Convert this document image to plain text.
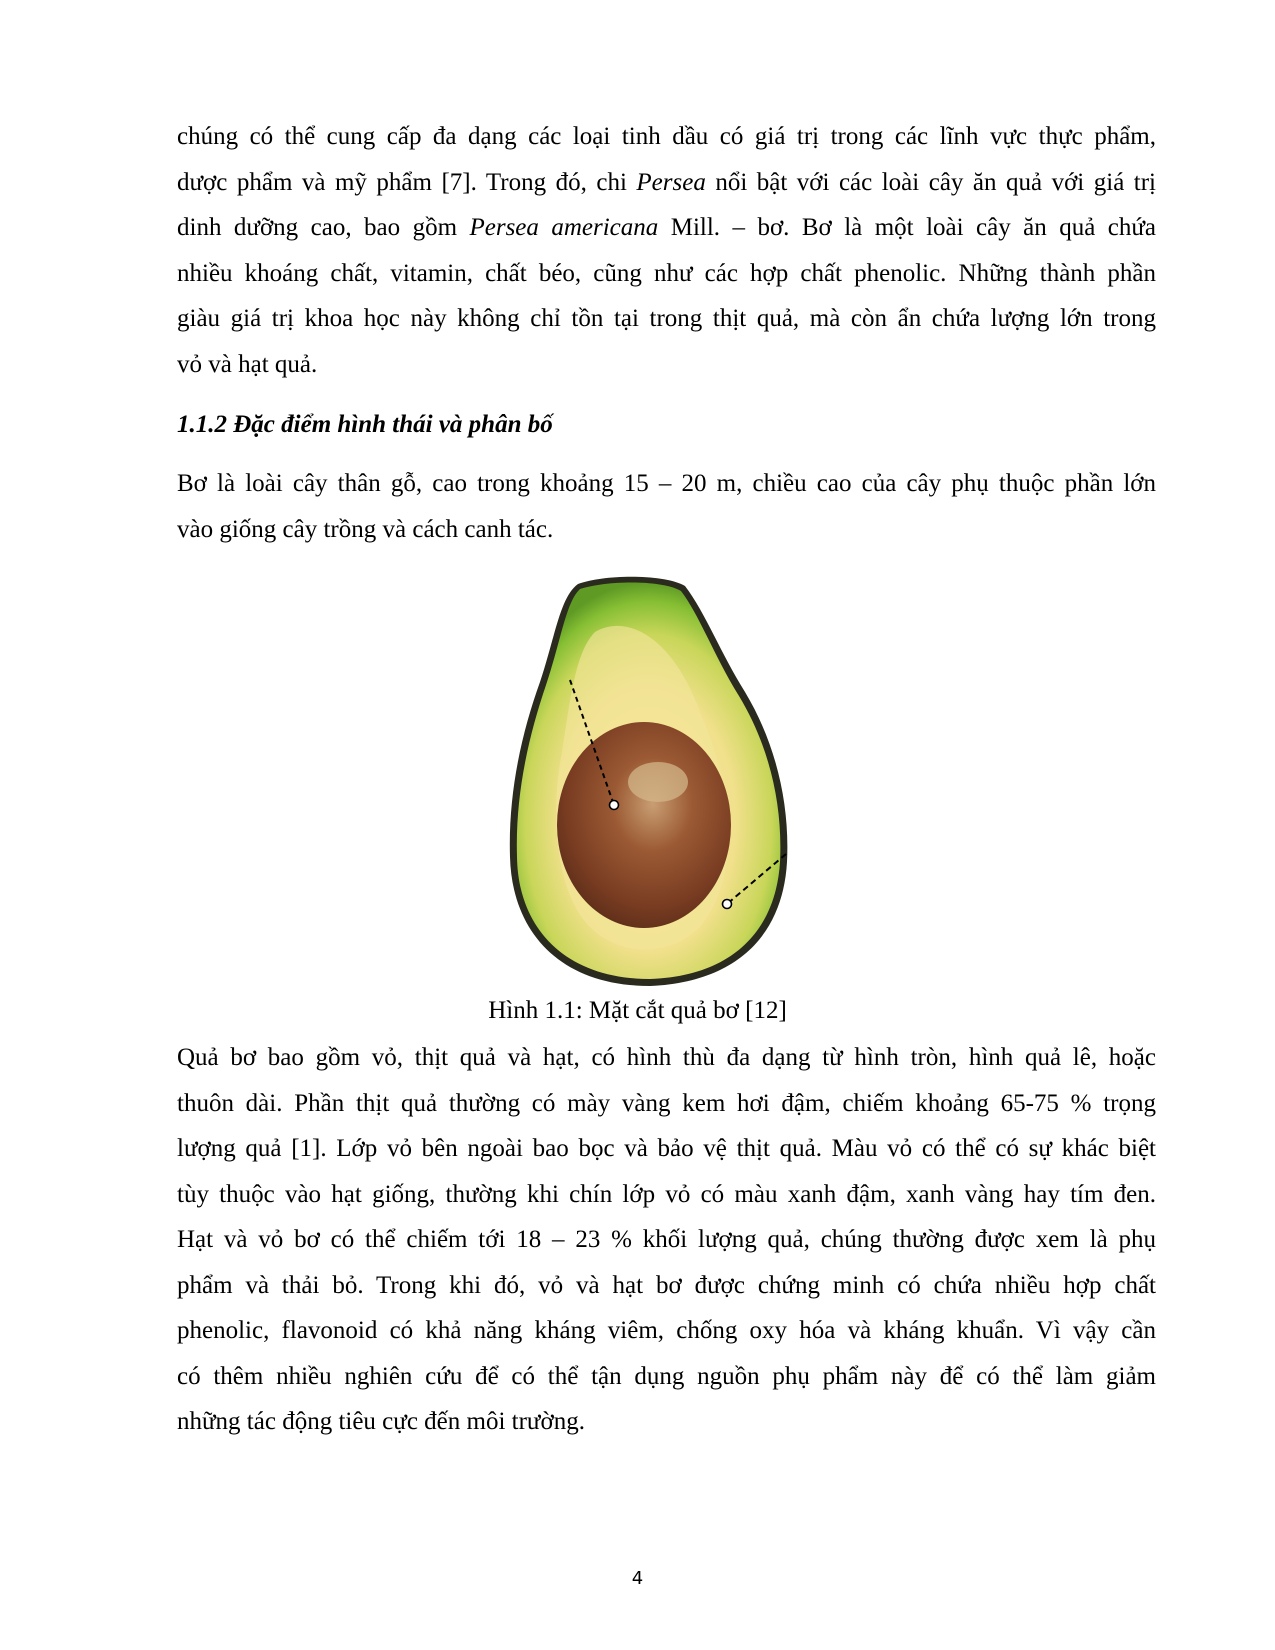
chúng có thể cung cấp đa dạng các loại tinh dầu có giá trị trong các lĩnh vực thực phẩm,
dược phẩm và mỹ phẩm [7]. Trong đó, chi Persea nổi bật với các loài cây ăn quả với giá trị
dinh dưỡng cao, bao gồm Persea americana Mill. – bơ. Bơ là một loài cây ăn quả chứa
nhiều khoáng chất, vitamin, chất béo, cũng như các hợp chất phenolic. Những thành phần
giàu giá trị khoa học này không chỉ tồn tại trong thịt quả, mà còn ẩn chứa lượng lớn trong
vỏ và hạt quả.

1.1.2 Đặc điểm hình thái và phân bố

Bơ là loài cây thân gỗ, cao trong khoảng 15 – 20 m, chiều cao của cây phụ thuộc phần lớn
vào giống cây trồng và cách canh tác.

Hình 1.1: Mặt cắt quả bơ [12]

Quả bơ bao gồm vỏ, thịt quả và hạt, có hình thù đa dạng từ hình tròn, hình quả lê, hoặc
thuôn dài. Phần thịt quả thường có mày vàng kem hơi đậm, chiếm khoảng 65-75 % trọng
lượng quả [1]. Lớp vỏ bên ngoài bao bọc và bảo vệ thịt quả. Màu vỏ có thể có sự khác biệt
tùy thuộc vào hạt giống, thường khi chín lớp vỏ có màu xanh đậm, xanh vàng hay tím đen.
Hạt và vỏ bơ có thể chiếm tới 18 – 23 % khối lượng quả, chúng thường được xem là phụ
phẩm và thải bỏ. Trong khi đó, vỏ và hạt bơ được chứng minh có chứa nhiều hợp chất
phenolic, flavonoid có khả năng kháng viêm, chống oxy hóa và kháng khuẩn. Vì vậy cần
có thêm nhiều nghiên cứu để có thể tận dụng nguồn phụ phẩm này để có thể làm giảm
những tác động tiêu cực đến môi trường.

4
